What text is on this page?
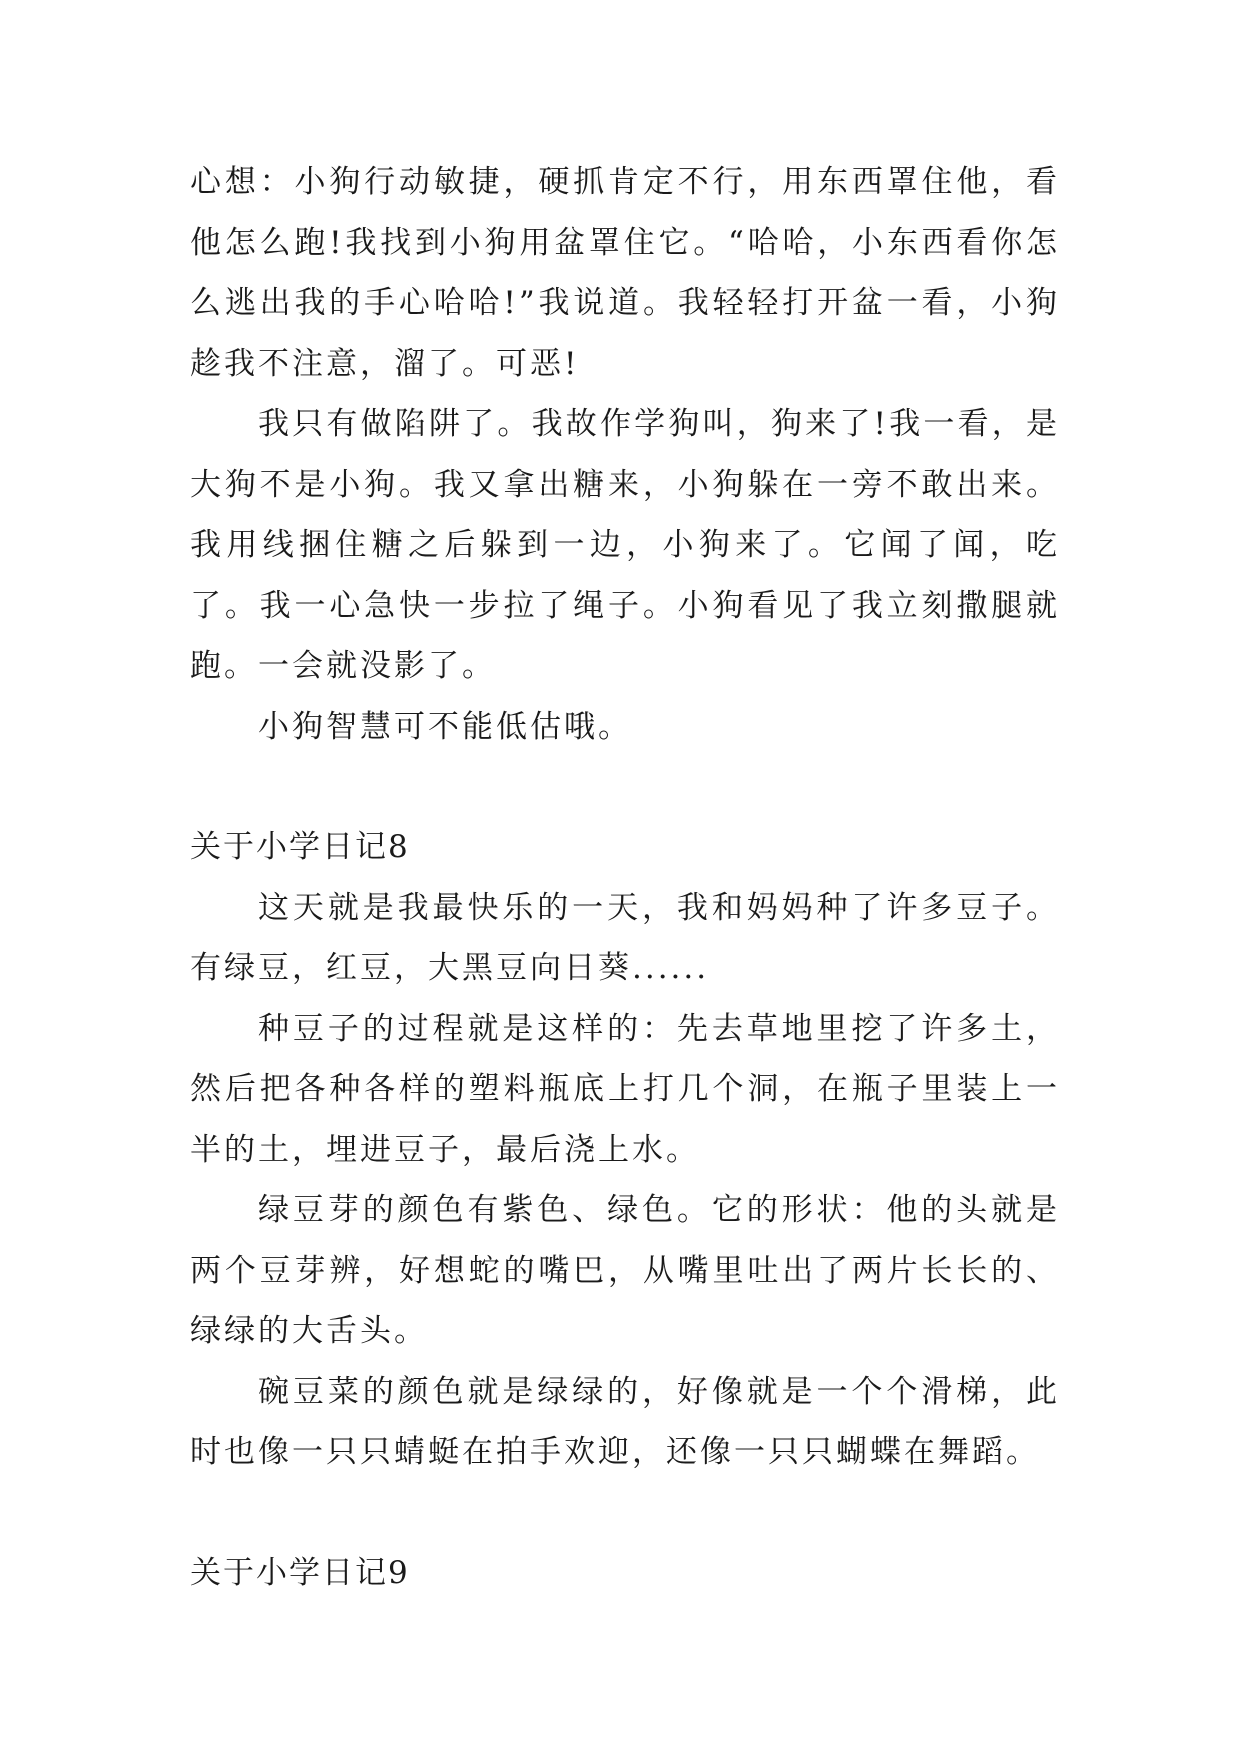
心想：小狗行动敏捷，硬抓肯定不行，用东西罩住他，看他怎么跑!我找到小狗用盆罩住它。“哈哈，小东西看你怎么逃出我的手心哈哈!”我说道。我轻轻打开盆一看，小狗趁我不注意，溜了。可恶!

我只有做陷阱了。我故作学狗叫，狗来了!我一看，是大狗不是小狗。我又拿出糖来，小狗躲在一旁不敢出来。我用线捆住糖之后躲到一边，小狗来了。它闻了闻，吃了。我一心急快一步拉了绳子。小狗看见了我立刻撒腿就跑。一会就没影了。

小狗智慧可不能低估哦。

关于小学日记8

这天就是我最快乐的一天，我和妈妈种了许多豆子。有绿豆，红豆，大黑豆向日葵......

种豆子的过程就是这样的：先去草地里挖了许多土，然后把各种各样的塑料瓶底上打几个洞，在瓶子里装上一半的土，埋进豆子，最后浇上水。

绿豆芽的颜色有紫色、绿色。它的形状：他的头就是两个豆芽辨，好想蛇的嘴巴，从嘴里吐出了两片长长的、绿绿的大舌头。

碗豆菜的颜色就是绿绿的，好像就是一个个滑梯，此时也像一只只蜻蜓在拍手欢迎，还像一只只蝴蝶在舞蹈。

关于小学日记9
